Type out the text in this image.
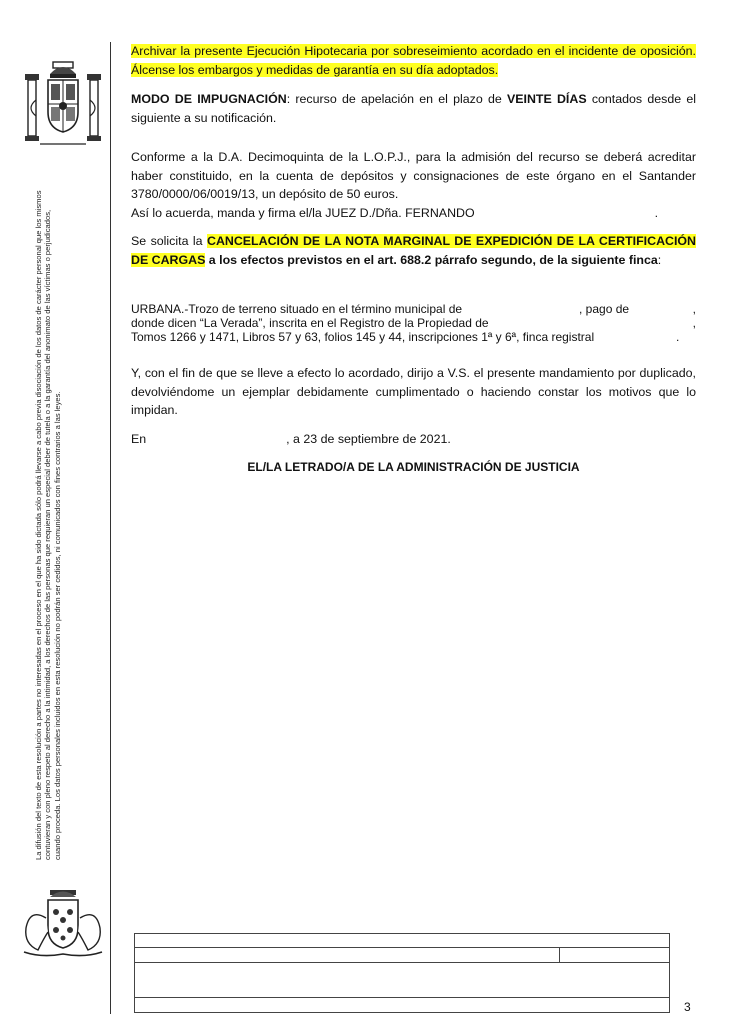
La difusión del texto de esta resolución a partes no interesadas en el proceso en el que ha sido dictada sólo podrá llevarse a cabo previa disociación de los datos de carácter personal que los mismos contuvieran y con pleno respeto al derecho a la intimidad, a los derechos de las personas que requieran un especial deber de tutela o a la garantía del anonimato de las víctimas o perjudicados, cuando proceda. Los datos personales incluidos en esta resolución no podrán ser cedidos, ni comunicados con fines contrarios a las leyes.

Archivar la presente Ejecución Hipotecaria por sobreseimiento acordado en el incidente de oposición. Álcense los embargos y medidas de garantía en su día adoptados.

MODO DE IMPUGNACIÓN: recurso de apelación en el plazo de VEINTE DÍAS contados desde el siguiente a su notificación.

Conforme a la D.A. Decimoquinta de la L.O.P.J., para la admisión del recurso se deberá acreditar haber constituido, en la cuenta de depósitos y consignaciones de este órgano en el Santander 3780/0000/06/0019/13, un depósito de 50 euros.

Así lo acuerda, manda y firma el/la JUEZ D./Dña. FERNANDO	.

Se solicita la CANCELACIÓN DE LA NOTA MARGINAL DE EXPEDICIÓN DE LA CERTIFICACIÓN DE CARGAS a los efectos previstos en el art. 688.2 párrafo segundo, de la siguiente finca:

URBANA.-Trozo de terreno situado en el término municipal de	, pago de	,
donde dicen “La Verada”, inscrita en el Registro de la Propiedad de	,
Tomos 1266 y 1471, Libros 57 y 63, folios 145 y 44, inscripciones 1ª y 6ª, finca registral	.

Y, con el fin de que se lleve a efecto lo acordado, dirijo a V.S. el presente mandamiento por duplicado, devolviéndome un ejemplar debidamente cumplimentado o haciendo constar los motivos que lo impidan.

En	, a 23 de septiembre de 2021.

EL/LA LETRADO/A DE LA ADMINISTRACIÓN DE JUSTICIA
3
